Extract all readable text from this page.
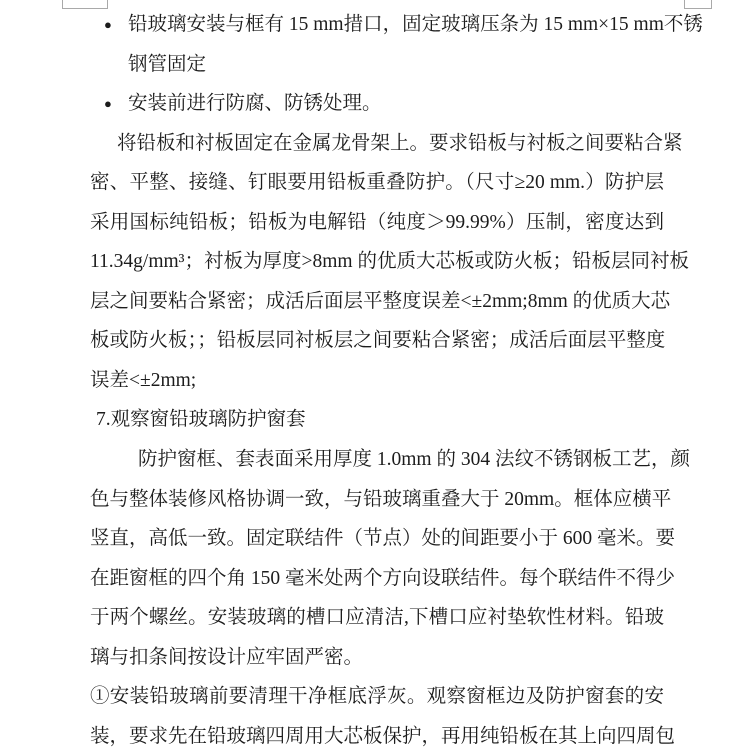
● 铅玻璃安装与框有 15 mm措口，固定玻璃压条为 15 mm×15 mm不锈
钢管固定
● 安装前进行防腐、防锈处理。
将铅板和衬板固定在金属龙骨架上。要求铅板与衬板之间要粘合紧
密、平整、接缝、钉眼要用铅板重叠防护。（尺寸≥20 mm.）防护层
采用国标纯铅板；铅板为电解铅（纯度＞99.99%）压制，密度达到
11.34g/mm³；衬板为厚度>8mm 的优质大芯板或防火板；铅板层同衬板
层之间要粘合紧密；成活后面层平整度误差<±2mm;8mm 的优质大芯
板或防火板；；铅板层同衬板层之间要粘合紧密；成活后面层平整度
误差<±2mm;
7.观察窗铅玻璃防护窗套
防护窗框、套表面采用厚度 1.0mm 的 304 法纹不锈钢板工艺，颜
色与整体装修风格协调一致，与铅玻璃重叠大于 20mm。框体应横平
竖直，高低一致。固定联结件（节点）处的间距要小于 600 毫米。要
在距窗框的四个角 150 毫米处两个方向设联结件。每个联结件不得少
于两个螺丝。安装玻璃的槽口应清洁,下槽口应衬垫软性材料。铅玻
璃与扣条间按设计应牢固严密。
①安装铅玻璃前要清理干净框底浮灰。观察窗框边及防护窗套的安
装，要求先在铅玻璃四周用大芯板保护，再用纯铅板在其上向四周包
